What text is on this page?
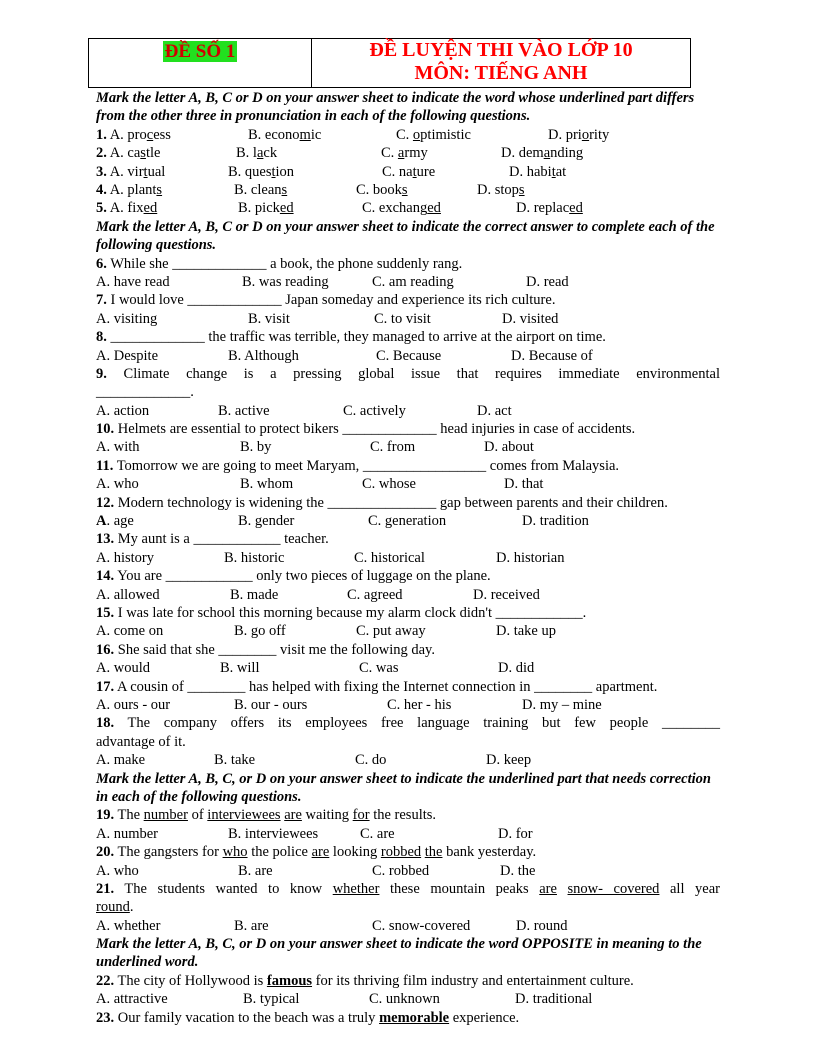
ĐỀ SỐ 1	ĐỀ LUYỆN THI VÀO LỚP 10
MÔN: TIẾNG ANH
Mark the letter A, B, C or D on your answer sheet to indicate the word whose underlined part differs from the other three in pronunciation in each of the following questions.
1. A. process	B. economic	C. optimistic	D. priority
2. A. castle	B. lack	C. army	D. demanding
3. A. virtual	B. question	C. nature	D. habitat
4. A. plants	B. cleans	C. books	D. stops
5. A. fixed	B. picked	C. exchanged	D. replaced
Mark the letter A, B, C or D on your answer sheet to indicate the correct answer to complete each of the following questions.
6. While she _____________ a book, the phone suddenly rang.
A. have read	B. was reading	C. am reading	D. read
7. I would love _____________ Japan someday and experience its rich culture.
A. visiting	B. visit	C. to visit	D. visited
8. _____________ the traffic was terrible, they managed to arrive at the airport on time.
A. Despite	B. Although	C. Because	D. Because of
9. Climate change is a pressing global issue that requires immediate environmental
_____________.
A. action	B. active	C. actively	D. act
10. Helmets are essential to protect bikers _____________ head injuries in case of accidents.
A. with	B. by	C. from	D. about
11. Tomorrow we are going to meet Maryam, _________________ comes from Malaysia.
A. who	B. whom	C. whose	D. that
12. Modern technology is widening the _______________ gap between parents and their children.
A. age	B. gender	C. generation	D. tradition
13. My aunt is a ____________ teacher.
A. history	B. historic	C. historical	D. historian
14. You are ____________ only two pieces of luggage on the plane.
A. allowed	B. made	C. agreed	D. received
15. I was late for school this morning because my alarm clock didn't ____________.
A. come on	B. go off	C. put away	D. take up
16. She said that she ________ visit me the following day.
A. would	B. will	C. was	D. did
17. A cousin of ________ has helped with fixing the Internet connection in ________ apartment.
A. ours - our	B. our - ours	C. her - his	D. my – mine
18. The company offers its employees free language training but few people ________
advantage of it.
A. make	B. take	C. do	D. keep
Mark the letter A, B, C, or D on your answer sheet to indicate the underlined part that needs correction in each of the following questions.
19. The number of interviewees are waiting for the results.
A. number	B. interviewees	C. are	D. for
20. The gangsters for who the police are looking robbed the bank yesterday.
A. who	B. are	C. robbed	D. the
21. The students wanted to know whether these mountain peaks are snow- covered all year
round.
A. whether	B. are	C. snow-covered	D. round
Mark the letter A, B, C, or D on your answer sheet to indicate the word OPPOSITE in meaning to the underlined word.
22. The city of Hollywood is famous for its thriving film industry and entertainment culture.
A. attractive	B. typical	C. unknown	D. traditional
23. Our family vacation to the beach was a truly memorable experience.
